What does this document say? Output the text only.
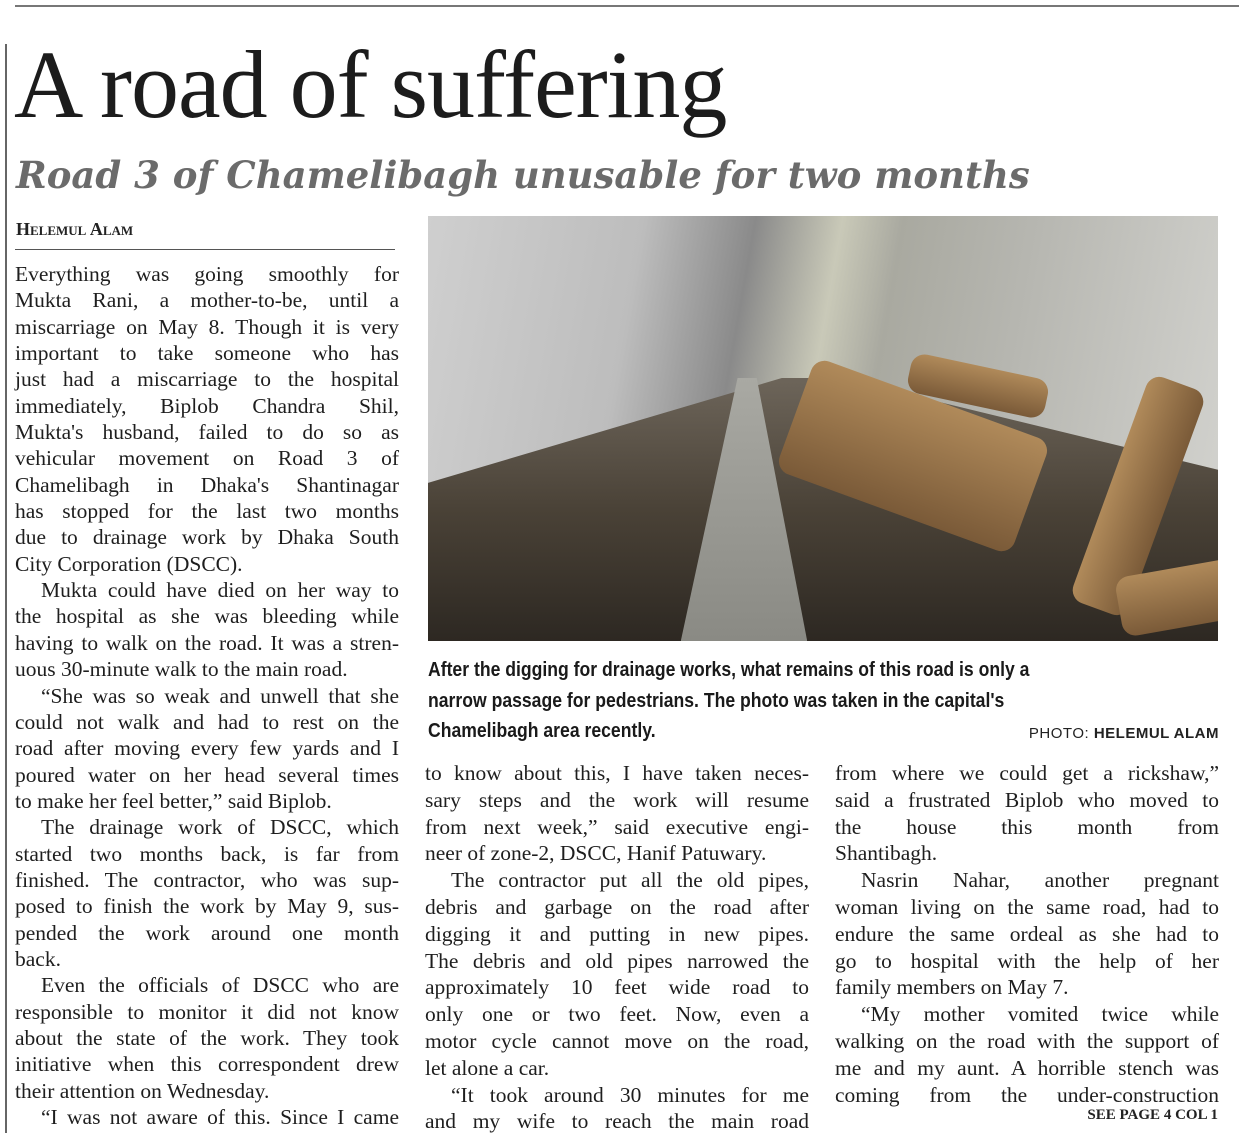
A road of suffering
Road 3 of Chamelibagh unusable for two months
Helemul Alam
Everything was going smoothly for
Mukta Rani, a mother-to-be, until a
miscarriage on May 8. Though it is very
important to take someone who has
just had a miscarriage to the hospital
immediately, Biplob Chandra Shil,
Mukta's husband, failed to do so as
vehicular movement on Road 3 of
Chamelibagh in Dhaka's Shantinagar
has stopped for the last two months
due to drainage work by Dhaka South
City Corporation (DSCC).
Mukta could have died on her way to
the hospital as she was bleeding while
having to walk on the road. It was a stren-
uous 30-minute walk to the main road.
“She was so weak and unwell that she
could not walk and had to rest on the
road after moving every few yards and I
poured water on her head several times
to make her feel better,” said Biplob.
The drainage work of DSCC, which
started two months back, is far from
finished. The contractor, who was sup-
posed to finish the work by May 9, sus-
pended the work around one month
back.
Even the officials of DSCC who are
responsible to monitor it did not know
about the state of the work. They took
initiative when this correspondent drew
their attention on Wednesday.
“I was not aware of this. Since I came
After the digging for drainage works, what remains of this road is only a
narrow passage for pedestrians. The photo was taken in the capital's
Chamelibagh area recently.	PHOTO: HELEMUL ALAM
to know about this, I have taken neces-
sary steps and the work will resume
from next week,” said executive engi-
neer of zone-2, DSCC, Hanif Patuwary.
The contractor put all the old pipes,
debris and garbage on the road after
digging it and putting in new pipes.
The debris and old pipes narrowed the
approximately 10 feet wide road to
only one or two feet. Now, even a
motor cycle cannot move on the road,
let alone a car.
“It took around 30 minutes for me
and my wife to reach the main road
from where we could get a rickshaw,”
said a frustrated Biplob who moved to
the house this month from
Shantibagh.
Nasrin Nahar, another pregnant
woman living on the same road, had to
endure the same ordeal as she had to
go to hospital with the help of her
family members on May 7.
“My mother vomited twice while
walking on the road with the support of
me and my aunt. A horrible stench was
coming from the under-construction
SEE PAGE 4 COL 1
